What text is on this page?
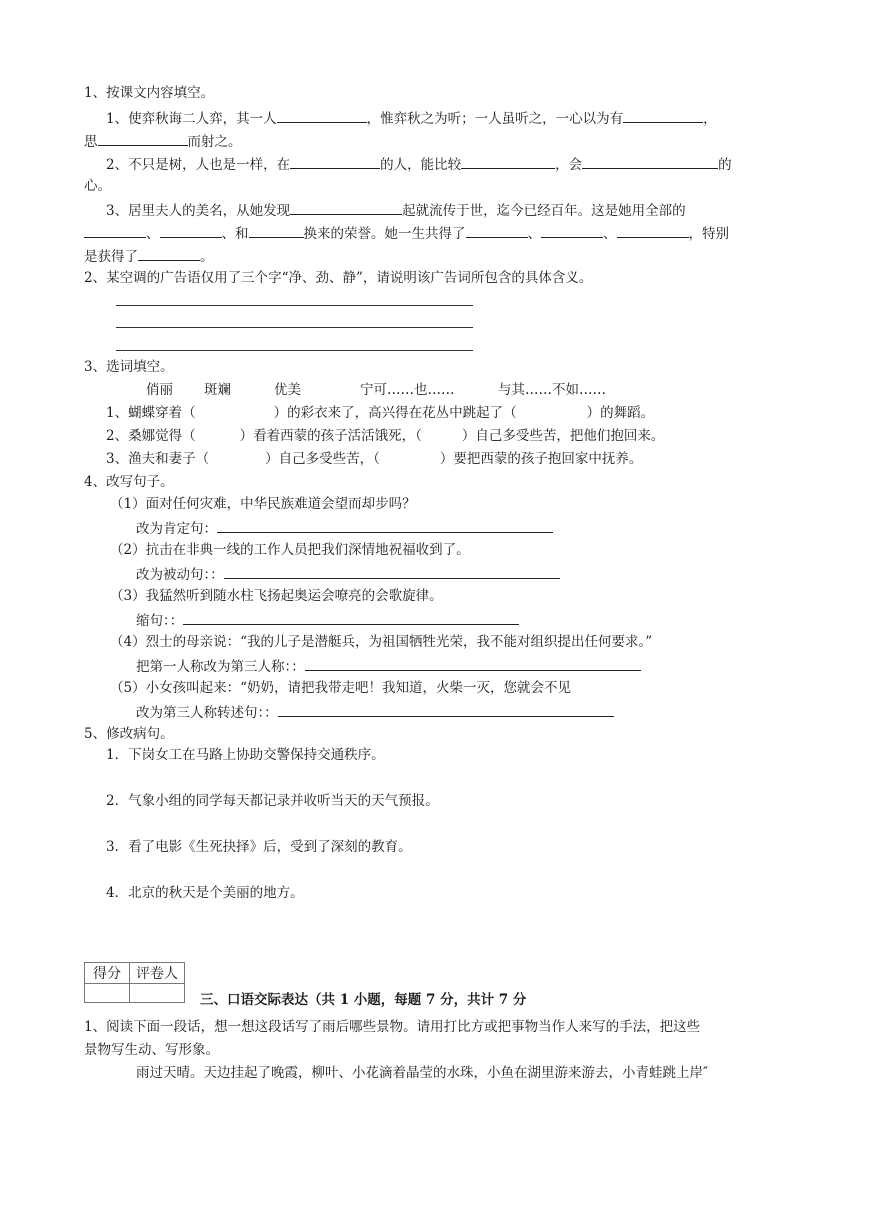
1、按课文内容填空。
1、使弈秋诲二人弈，其一人	，惟弈秋之为听；一人虽听之，一心以为有	，
思	而射之。
2、不只是树，人也是一样，在	的人，能比较	，会	的
心。
3、居里夫人的美名，从她发现	起就流传于世，迄今已经百年。这是她用全部的
、	、和	换来的荣誉。她一生共得了	、	、	，特别
是获得了	。
2、某空调的广告语仅用了三个字“净、劲、静”，请说明该广告词所包含的具体含义。
3、选词填空。
俏丽 斑斓	优美	宁可……也……	与其……不如……
1、蝴蝶穿着（	）的彩衣来了，高兴得在花丛中跳起了（	）的舞蹈。
2、桑娜觉得（	）看着西蒙的孩子活活饿死，（	）自己多受些苦，把他们抱回来。
3、渔夫和妻子（	）自己多受些苦，（	）要把西蒙的孩子抱回家中抚养。
4、改写句子。
（1）面对任何灾难，中华民族难道会望而却步吗？
改为肯定句：
（2）抗击在非典一线的工作人员把我们深情地祝福收到了。
改为被动句：：
（3）我猛然听到随水柱飞扬起奥运会嘹亮的会歌旋律。
缩句：：
（4）烈士的母亲说：“我的儿子是潜艇兵，为祖国牺牲光荣，我不能对组织提出任何要求。”
把第一人称改为第三人称：：
（5）小女孩叫起来：“奶奶，请把我带走吧！我知道，火柴一灭，您就会不见
改为第三人称转述句：：
5、修改病句。
1．下岗女工在马路上协助交警保持交通秩序。
2．气象小组的同学每天都记录并收听当天的天气预报。
3．看了电影《生死抉择》后，受到了深刻的教育。
4．北京的秋天是个美丽的地方。
得分	评卷人

三、口语交际表达（共 1 小题，每题 7 分，共计 7 分
1、阅读下面一段话，想一想这段话写了雨后哪些景物。请用打比方或把事物当作人来写的手法，把这些
景物写生动、写形象。
雨过天晴。天边挂起了晚霞，柳叶、小花滴着晶莹的水珠，小鱼在湖里游来游去，小青蛙跳上岸″
